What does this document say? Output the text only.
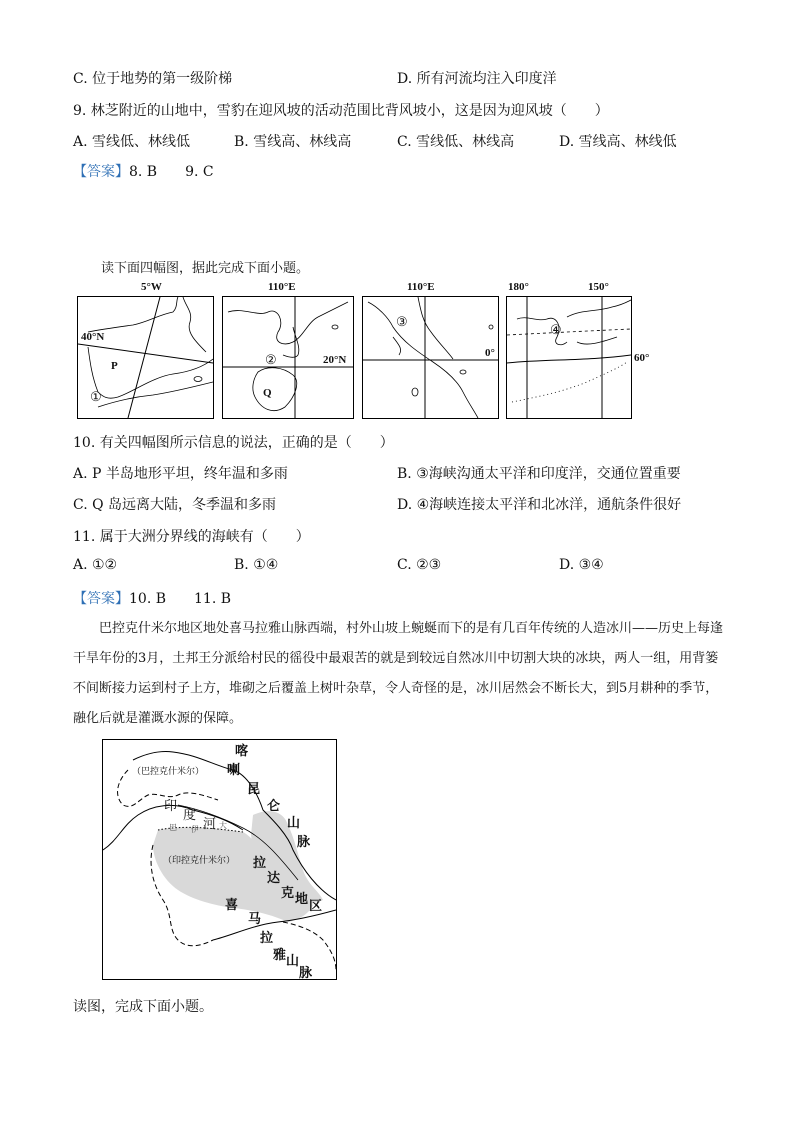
C. 位于地势的第一级阶梯	D. 所有河流均注入印度洋
9. 林芝附近的山地中，雪豹在迎风坡的活动范围比背风坡小，这是因为迎风坡（　　）
A. 雪线低、林线低	B. 雪线高、林线高	C. 雪线低、林线高	D. 雪线高、林线低
【答案】8. B　　9. C
读下面四幅图，据此完成下面小题。
P
40°N
①
5°W
Q
②	20°N
110°E
③
0°
110°E
④
180°	150°
60°
10. 有关四幅图所示信息的说法，正确的是（　　）
A. P 半岛地形平坦，终年温和多雨	B. ③海峡沟通太平洋和印度洋，交通位置重要
C. Q 岛远离大陆，冬季温和多雨	D. ④海峡连接太平洋和北冰洋，通航条件很好
11. 属于大洲分界线的海峡有（　　）
A. ①②	B. ①④	C. ②③	D. ③④
【答案】10. B　　11. B
巴控克什米尔地区地处喜马拉雅山脉西端，村外山坡上蜿蜒而下的是有几百年传统的人造冰川——历史上每逢干旱年份的3月，土邦王分派给村民的徭役中最艰苦的就是到较远自然冰川中切割大块的冰块，两人一组，用背篓不间断接力运到村子上方，堆砌之后覆盖上树叶杂草，令人奇怪的是，冰川居然会不断长大，到5月耕种的季节，融化后就是灌溉水源的保障。
（巴控克什米尔）
（印控克什米尔）
喀
喇
昆
仑
山
脉
印
度
河
巴 伊	大
拉
达
克 地 区
喜
马
拉
雅 山
脉
读图，完成下面小题。
